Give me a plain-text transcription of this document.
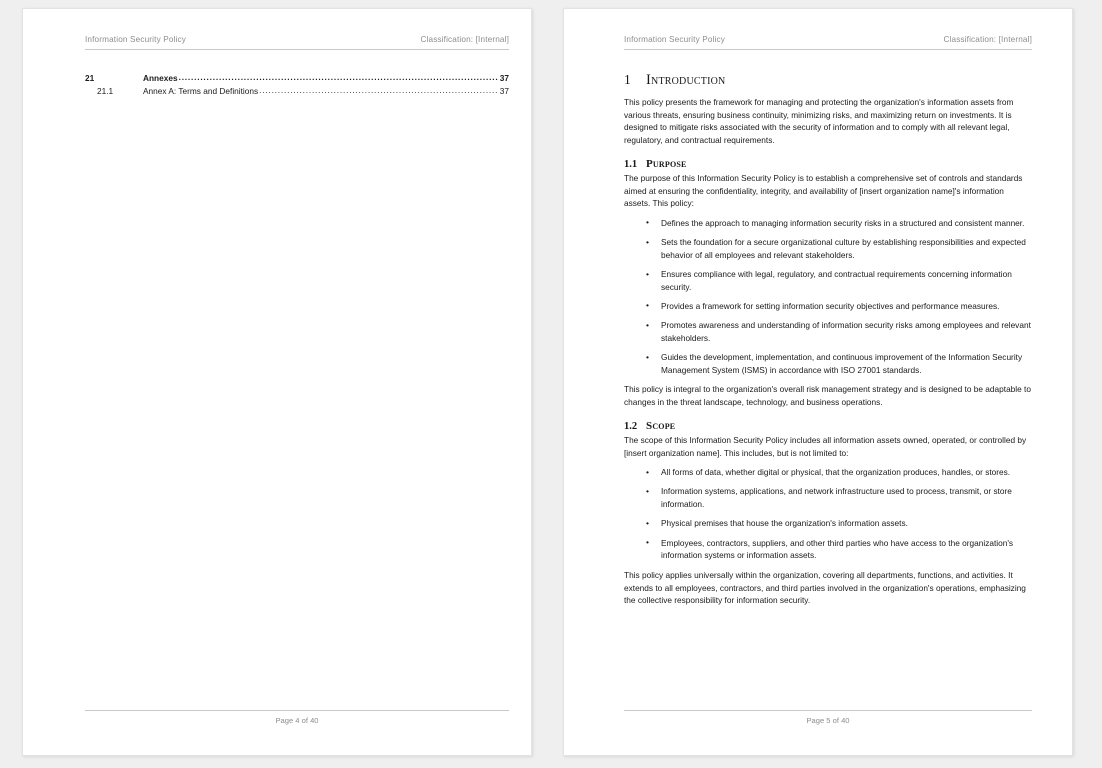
Information Security Policy	Classification: [Internal]
21	Annexes .....	37
21.1	Annex A: Terms and Definitions .....	37
Page 4 of 40
Information Security Policy	Classification: [Internal]
1	Introduction

This policy presents the framework for managing and protecting the organization's information assets from various threats, ensuring business continuity, minimizing risks, and maximizing return on investments. It is designed to mitigate risks associated with the security of information and to comply with all relevant legal, regulatory, and contractual requirements.

1.1 Purpose

The purpose of this Information Security Policy is to establish a comprehensive set of controls and standards aimed at ensuring the confidentiality, integrity, and availability of [insert organization name]'s information assets. This policy:

• Defines the approach to managing information security risks in a structured and consistent manner.
• Sets the foundation for a secure organizational culture by establishing responsibilities and expected behavior of all employees and relevant stakeholders.
• Ensures compliance with legal, regulatory, and contractual requirements concerning information security.
• Provides a framework for setting information security objectives and performance measures.
• Promotes awareness and understanding of information security risks among employees and relevant stakeholders.
• Guides the development, implementation, and continuous improvement of the Information Security Management System (ISMS) in accordance with ISO 27001 standards.

This policy is integral to the organization's overall risk management strategy and is designed to be adaptable to changes in the threat landscape, technology, and business operations.

1.2 Scope

The scope of this Information Security Policy includes all information assets owned, operated, or controlled by [insert organization name]. This includes, but is not limited to:

• All forms of data, whether digital or physical, that the organization produces, handles, or stores.
• Information systems, applications, and network infrastructure used to process, transmit, or store information.
• Physical premises that house the organization's information assets.
• Employees, contractors, suppliers, and other third parties who have access to the organization's information systems or information assets.

This policy applies universally within the organization, covering all departments, functions, and activities. It extends to all employees, contractors, and third parties involved in the organization's operations, emphasizing the collective responsibility for information security.

Page 5 of 40
